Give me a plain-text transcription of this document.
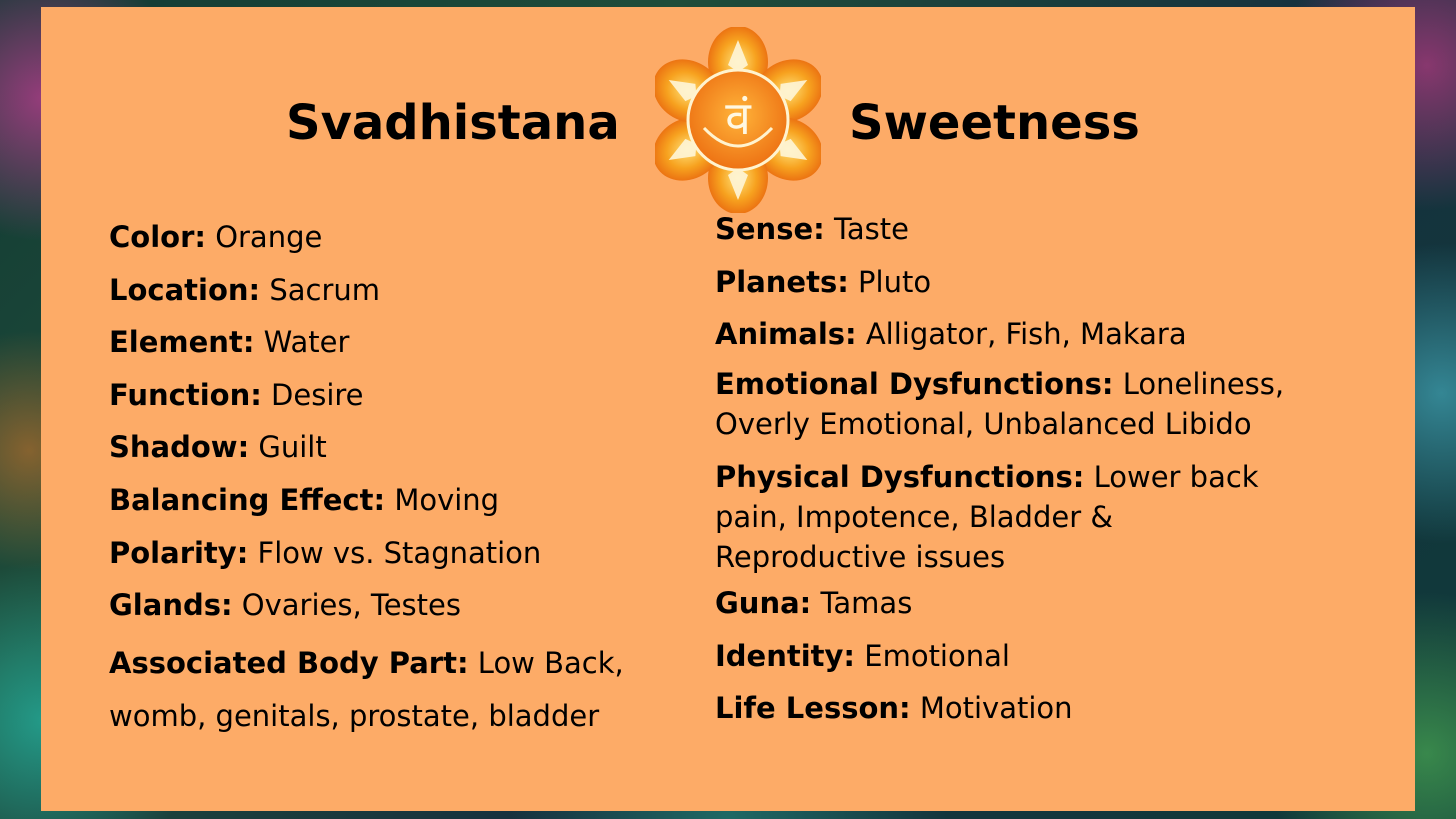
Svadhistana वं Sweetness
Color: Orange
Location: Sacrum
Element: Water
Function: Desire
Shadow: Guilt
Balancing Effect: Moving
Polarity: Flow vs. Stagnation
Glands: Ovaries, Testes
Associated Body Part: Low Back,
womb, genitals, prostate, bladder
Sense: Taste
Planets: Pluto
Animals: Alligator, Fish, Makara
Emotional Dysfunctions: Loneliness,
Overly Emotional, Unbalanced Libido
Physical Dysfunctions: Lower back
pain, Impotence, Bladder &
Reproductive issues
Guna: Tamas
Identity: Emotional
Life Lesson: Motivation
